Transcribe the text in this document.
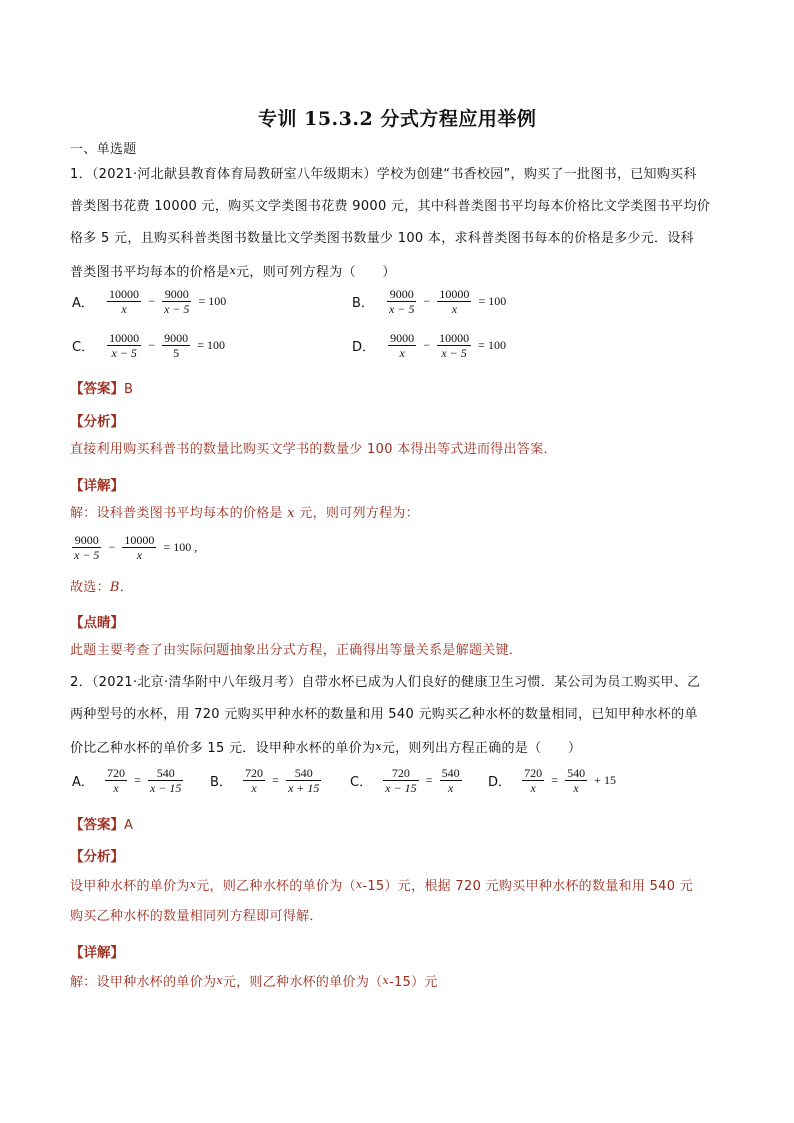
专训 15.3.2 分式方程应用举例
一、单选题
1．（2021·河北献县教育体育局教研室八年级期末）学校为创建“书香校园”，购买了一批图书，已知购买科
普类图书花费 10000 元，购买文学类图书花费 9000 元，其中科普类图书平均每本价格比文学类图书平均价
格多 5 元，且购买科普类图书数量比文学类图书数量少 100 本，求科普类图书每本的价格是多少元．设科
普类图书平均每本的价格是x元，则可列方程为（　　）
A． $\frac{10000}{x} - \frac{9000}{x - 5} = 100$	B． $\frac{9000}{x - 5} - \frac{10000}{x} = 100$
C． $\frac{10000}{x - 5} - \frac{9000}{5} = 100$	D． $\frac{9000}{x} - \frac{10000}{x - 5} = 100$
【答案】B
【分析】
直接利用购买科普书的数量比购买文学书的数量少 100 本得出等式进而得出答案．
【详解】
解：设科普类图书平均每本的价格是 x 元，则可列方程为：
$\frac{9000}{x - 5} - \frac{10000}{x} = 100$ ,
故选：B．
【点睛】
此题主要考查了由实际问题抽象出分式方程，正确得出等量关系是解题关键．
2．（2021·北京·清华附中八年级月考）自带水杯已成为人们良好的健康卫生习惯．某公司为员工购买甲、乙
两种型号的水杯，用 720 元购买甲种水杯的数量和用 540 元购买乙种水杯的数量相同，已知甲种水杯的单
价比乙种水杯的单价多 15 元．设甲种水杯的单价为x元，则列出方程正确的是（　　）
A． $\frac{720}{x} = \frac{540}{x - 15}$ B． $\frac{720}{x} = \frac{540}{x + 15}$ C． $\frac{720}{x - 15} = \frac{540}{x}$ D． $\frac{720}{x} = \frac{540}{x} + 15$
【答案】A
【分析】
设甲种水杯的单价为x元，则乙种水杯的单价为（x-15）元，根据 720 元购买甲种水杯的数量和用 540 元
购买乙种水杯的数量相同列方程即可得解．
【详解】
解：设甲种水杯的单价为x元，则乙种水杯的单价为（x-15）元
